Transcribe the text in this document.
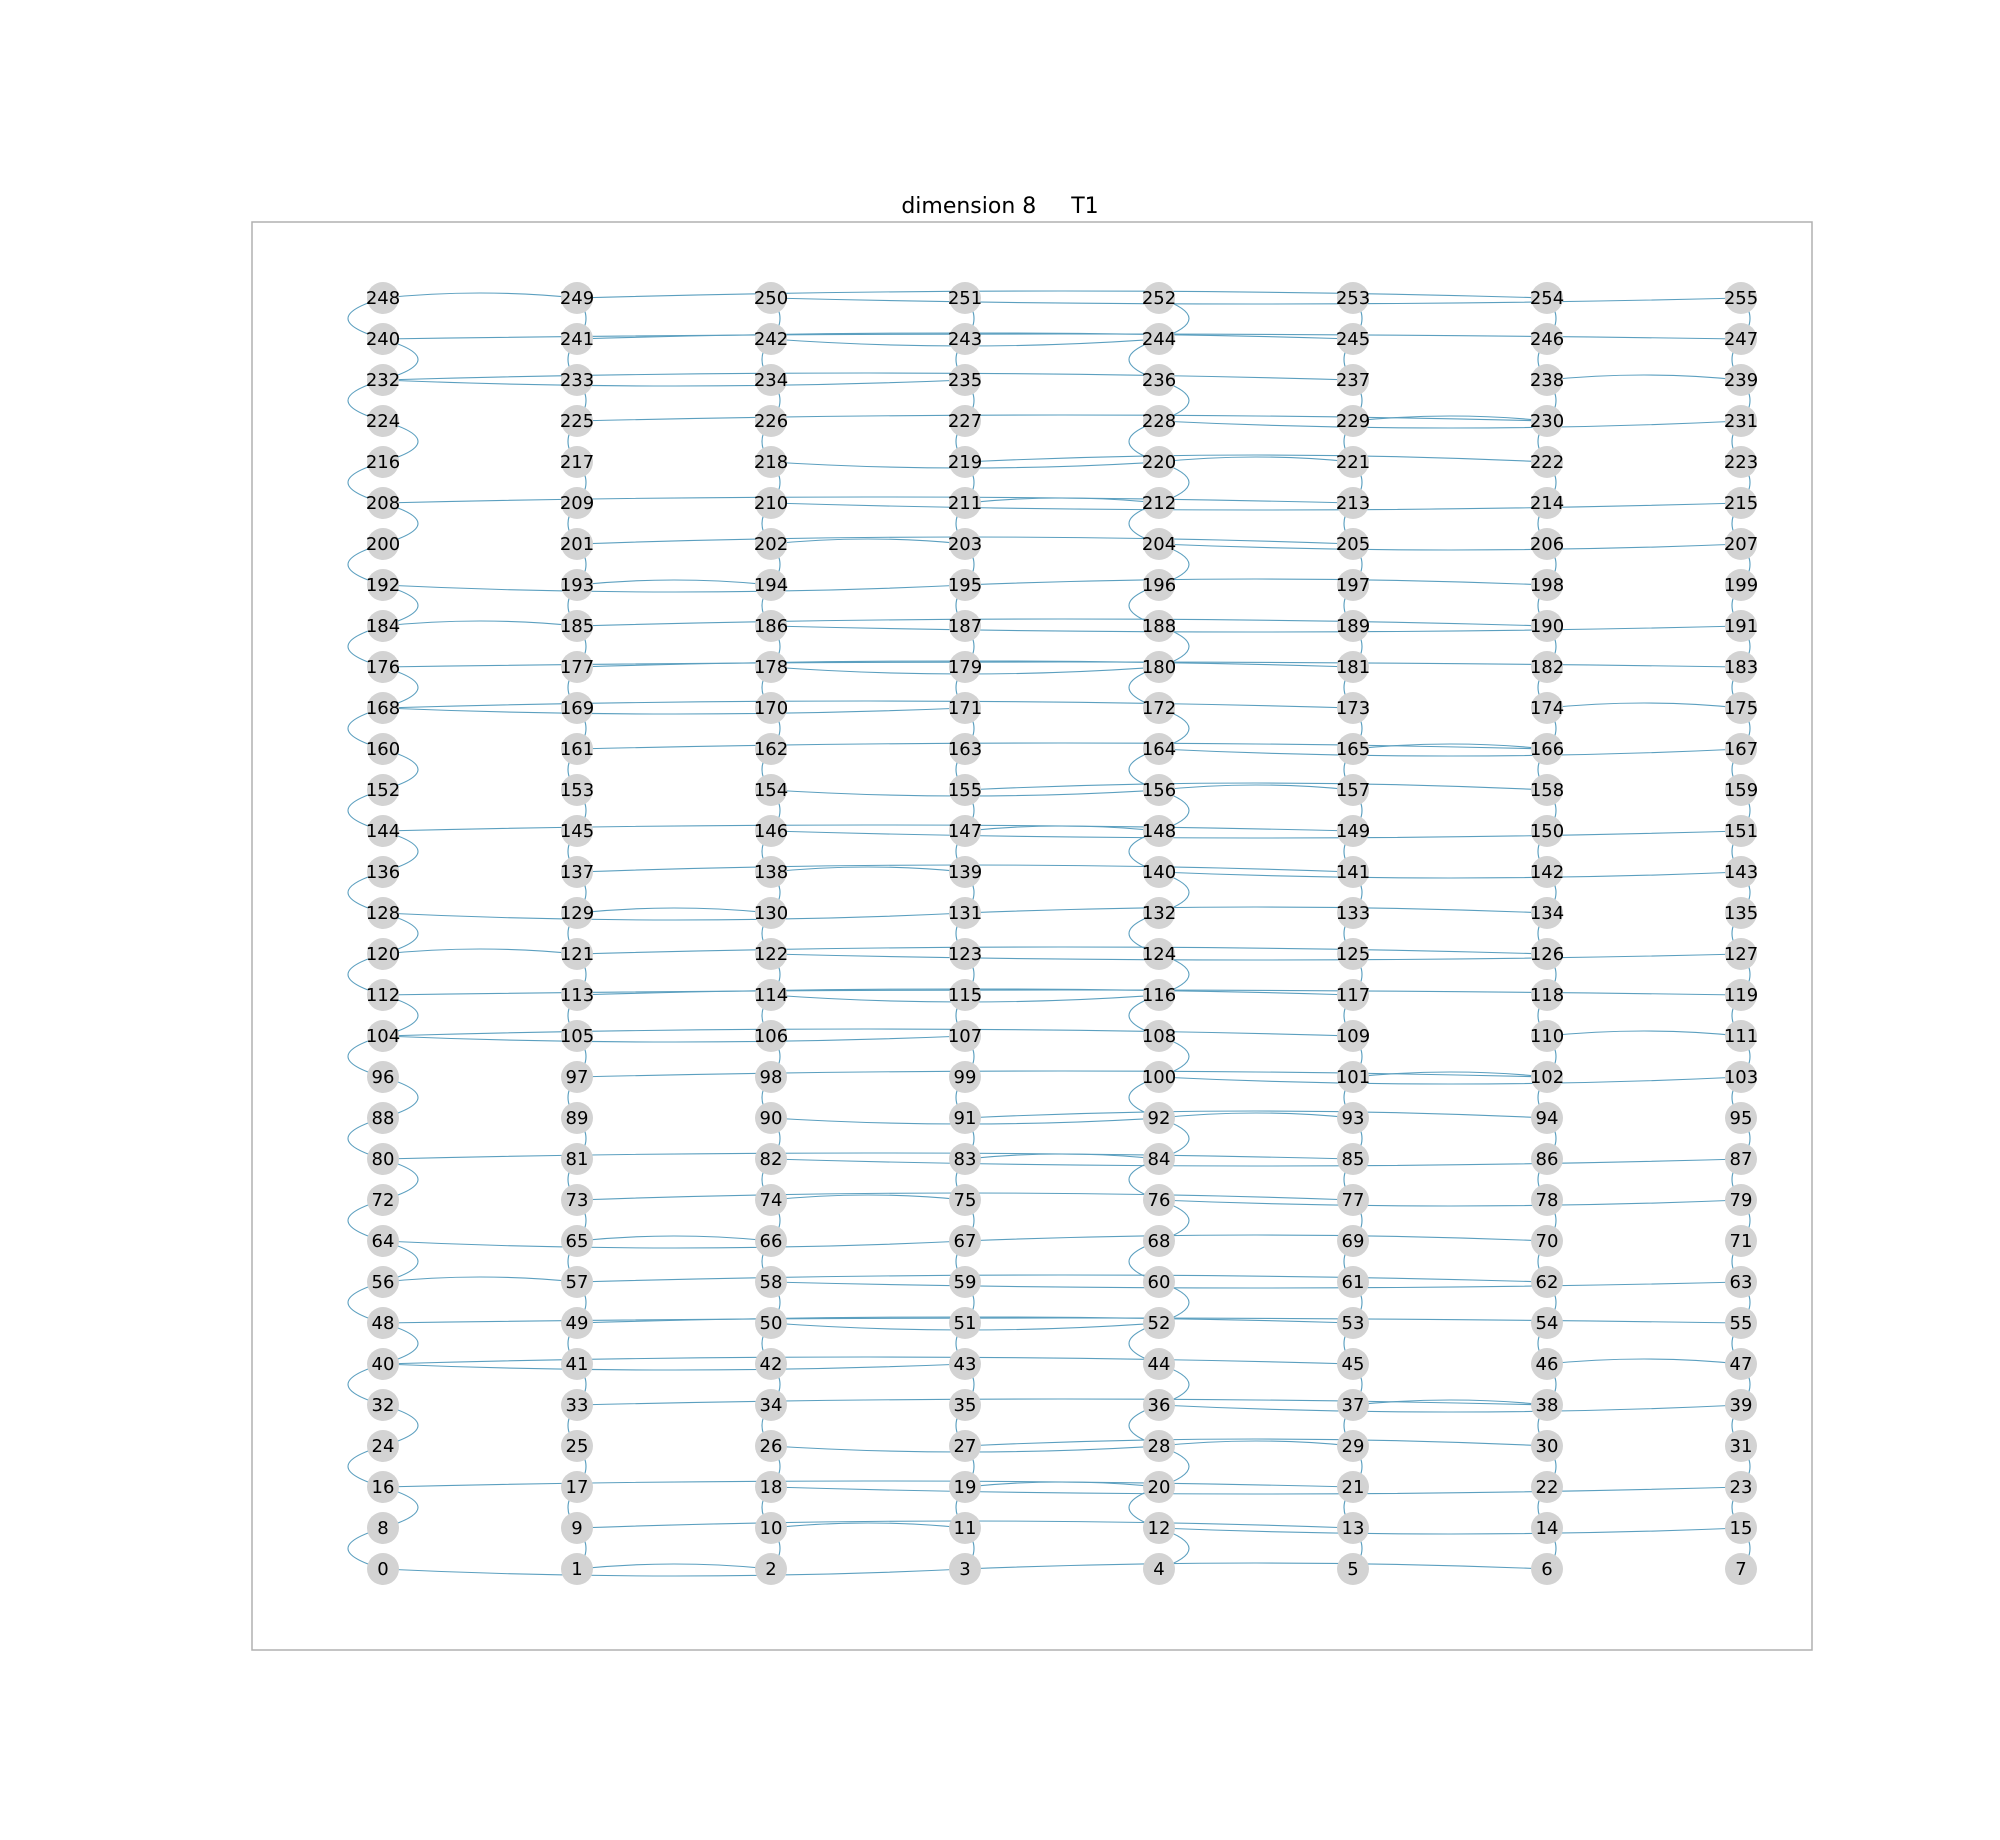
dimension 8     T1
0	1	2	3	4	5	6	7
8	9	10	11	12	13	14	15
16	17	18	19	20	21	22	23
24	25	26	27	28	29	30	31
32	33	34	35	36	37	38	39
40	41	42	43	44	45	46	47
48	49	50	51	52	53	54	55
56	57	58	59	60	61	62	63
64	65	66	67	68	69	70	71
72	73	74	75	76	77	78	79
80	81	82	83	84	85	86	87
88	89	90	91	92	93	94	95
96	97	98	99	100	101	102	103
104	105	106	107	108	109	110	111
112	113	114	115	116	117	118	119
120	121	122	123	124	125	126	127
128	129	130	131	132	133	134	135
136	137	138	139	140	141	142	143
144	145	146	147	148	149	150	151
152	153	154	155	156	157	158	159
160	161	162	163	164	165	166	167
168	169	170	171	172	173	174	175
176	177	178	179	180	181	182	183
184	185	186	187	188	189	190	191
192	193	194	195	196	197	198	199
200	201	202	203	204	205	206	207
208	209	210	211	212	213	214	215
216	217	218	219	220	221	222	223
224	225	226	227	228	229	230	231
232	233	234	235	236	237	238	239
240	241	242	243	244	245	246	247
248	249	250	251	252	253	254	255
